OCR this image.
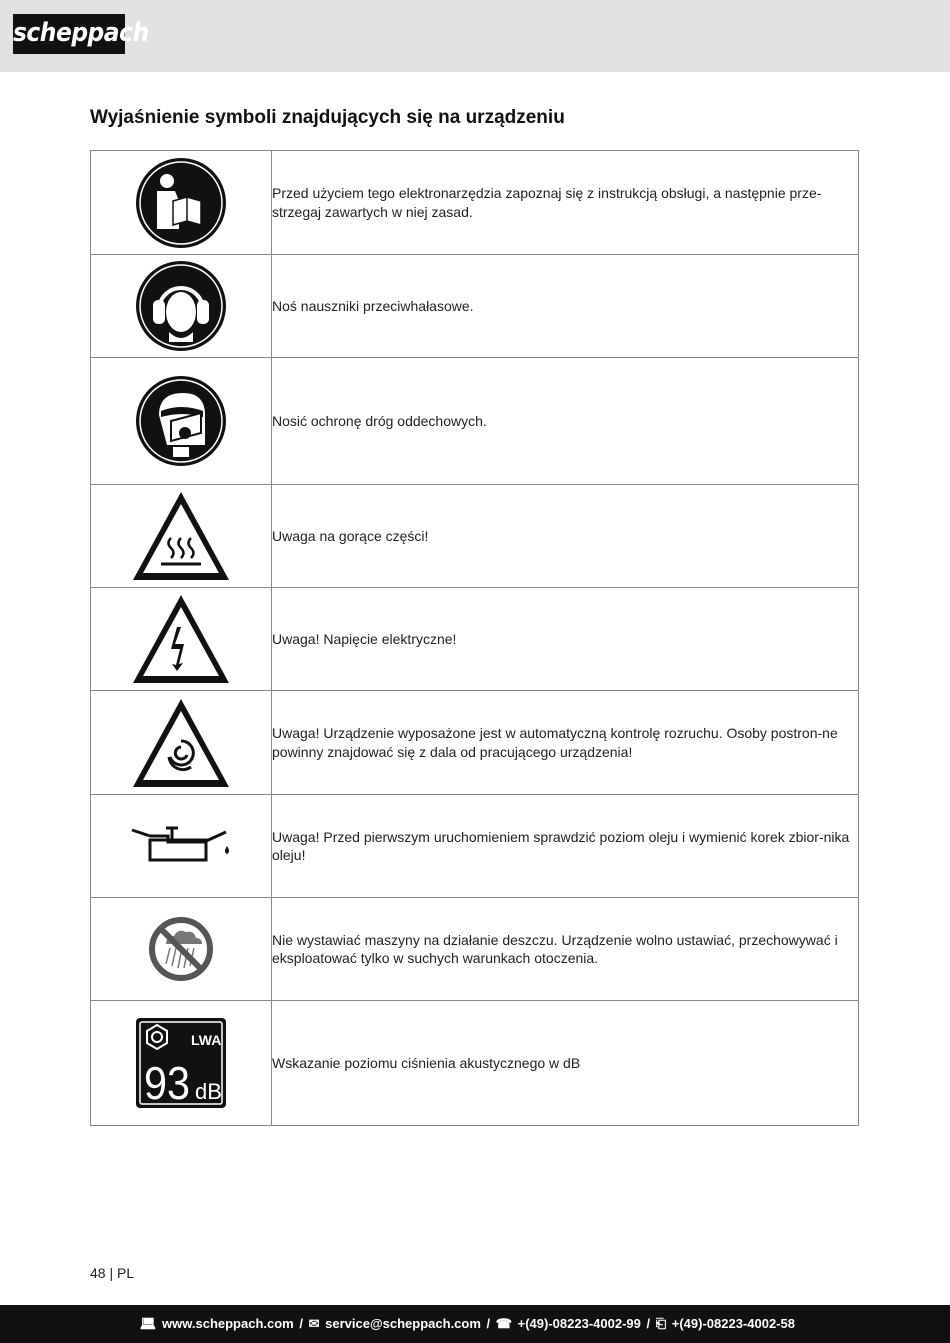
scheppach
Wyjaśnienie symboli znajdujących się na urządzeniu
	Przed użyciem tego elektronarzędzia zapoznaj się z instrukcją obsługi, a następnie prze-strzegaj zawartych w niej zasad.

	Noś nauszniki przeciwhałasowe.

	Nosić ochronę dróg oddechowych.

	Uwaga na gorące części!

	Uwaga! Napięcie elektryczne!

	Uwaga! Urządzenie wyposażone jest w automatyczną kontrolę rozruchu. Osoby postron-ne powinny znajdować się z dala od pracującego urządzenia!

	Uwaga! Przed pierwszym uruchomieniem sprawdzić poziom oleju i wymienić korek zbior-nika oleju!

	Nie wystawiać maszyny na działanie deszczu. Urządzenie wolno ustawiać, przechowywać i eksploatować tylko w suchych warunkach otoczenia.

LWA
93 dB	Wskazanie poziomu ciśnienia akustycznego w dB
48 | PL
💻︎ www.scheppach.com / ✉ service@scheppach.com / ☎ +(49)-08223-4002-99 / ⎗ +(49)-08223-4002-58
